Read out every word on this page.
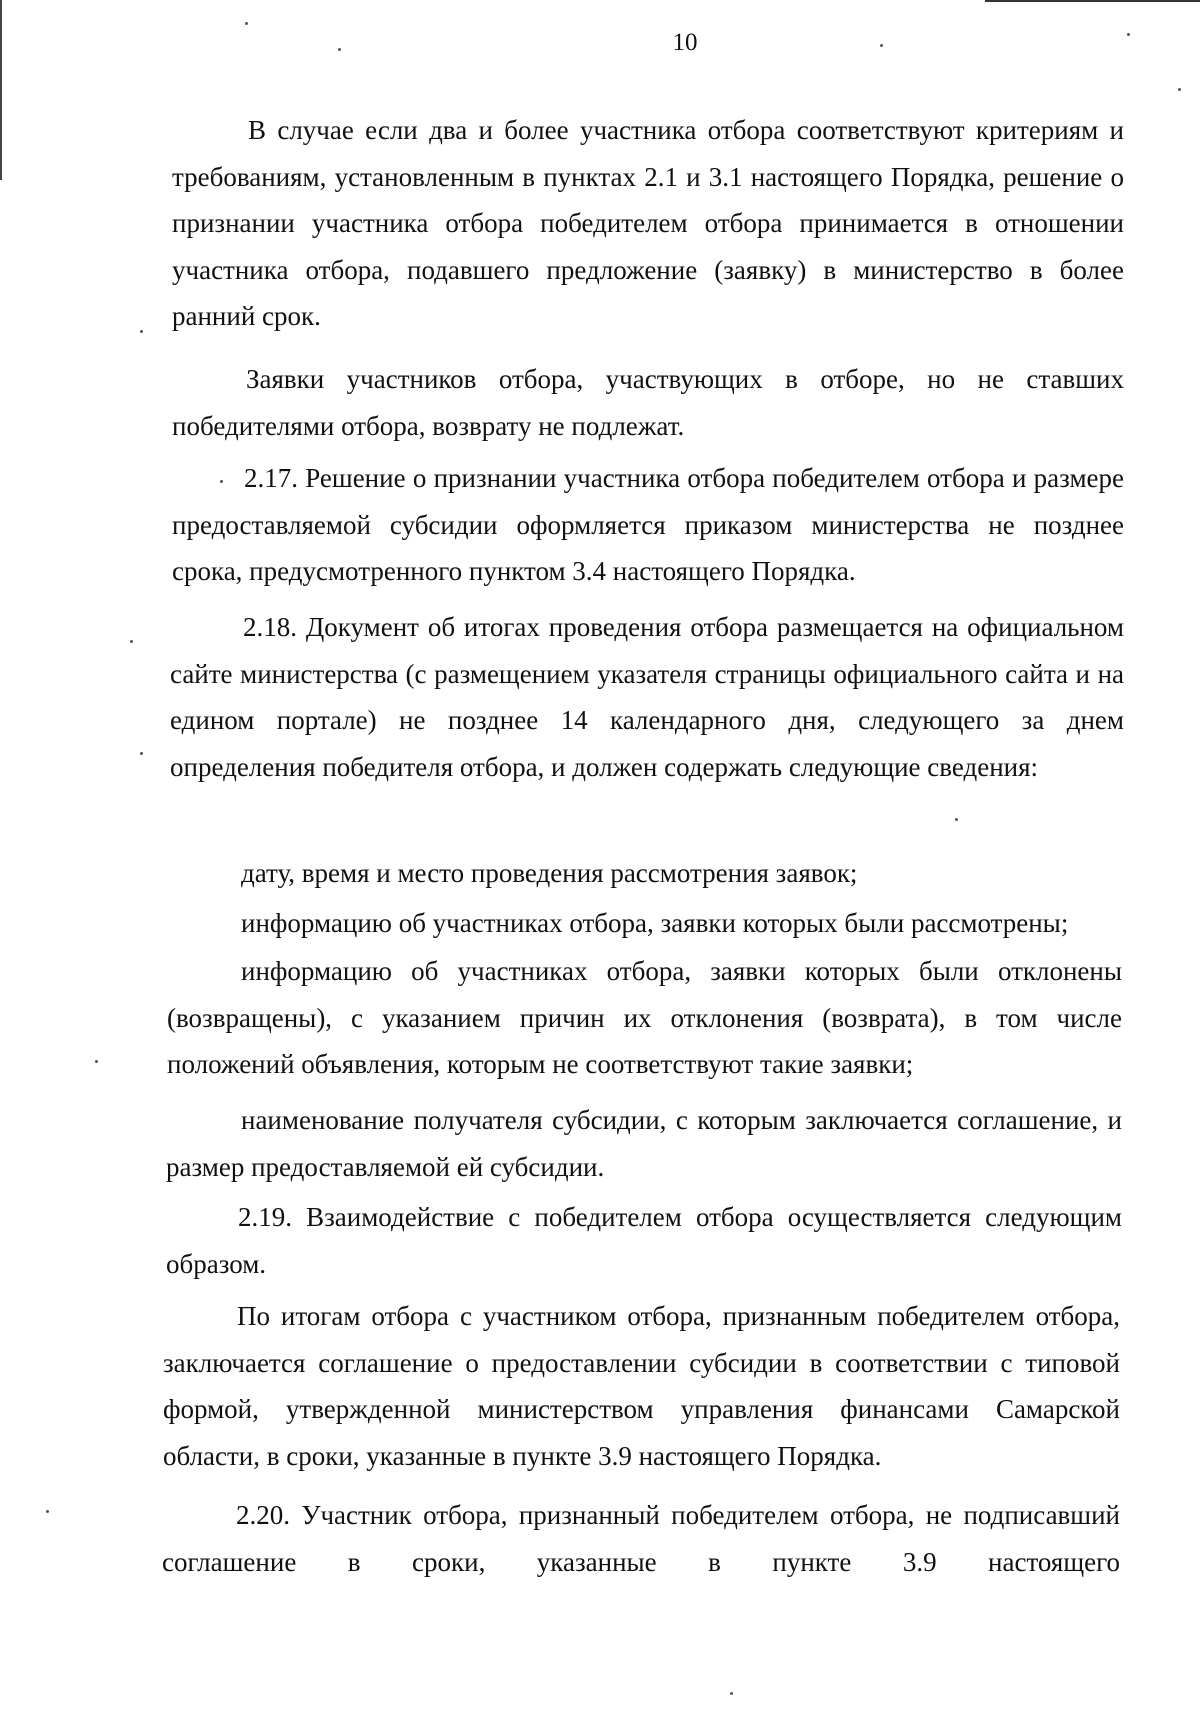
10

В случае если два и более участника отбора соответствуют критериям и требованиям, установленным в пунктах 2.1 и 3.1 настоящего Порядка, решение о признании участника отбора победителем отбора принимается в отношении участника отбора, подавшего предложение (заявку) в министерство в более ранний срок.

Заявки участников отбора, участвующих в отборе, но не ставших победителями отбора, возврату не подлежат.

2.17. Решение о признании участника отбора победителем отбора и размере предоставляемой субсидии оформляется приказом министерства не позднее срока, предусмотренного пунктом 3.4 настоящего Порядка.

2.18. Документ об итогах проведения отбора размещается на официальном сайте министерства (с размещением указателя страницы официального сайта и на едином портале) не позднее 14 календарного дня, следующего за днем определения победителя отбора, и должен содержать следующие сведения:

дату, время и место проведения рассмотрения заявок;

информацию об участниках отбора, заявки которых были рассмотрены;

информацию об участниках отбора, заявки которых были отклонены (возвращены), с указанием причин их отклонения (возврата), в том числе положений объявления, которым не соответствуют такие заявки;

наименование получателя субсидии, с которым заключается соглашение, и размер предоставляемой ей субсидии.

2.19. Взаимодействие с победителем отбора осуществляется следующим образом.

По итогам отбора с участником отбора, признанным победителем отбора, заключается соглашение о предоставлении субсидии в соответствии с типовой формой, утвержденной министерством управления финансами Самарской области, в сроки, указанные в пункте 3.9 настоящего Порядка.

2.20. Участник отбора, признанный победителем отбора, не подписавший соглашение в сроки, указанные в пункте 3.9 настоящего
